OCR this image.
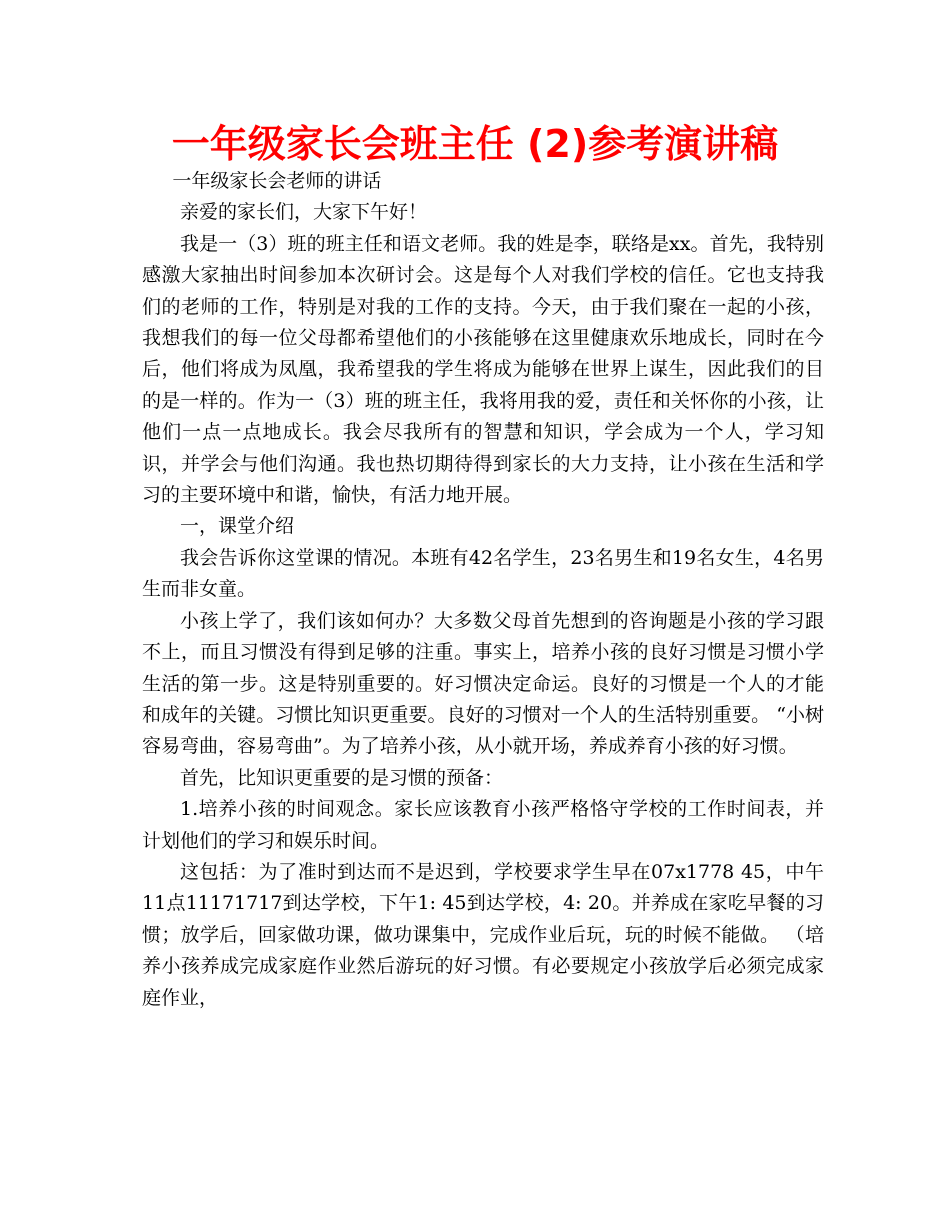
一年级家长会班主任 (2)参考演讲稿

一年级家长会老师的讲话

亲爱的家长们，大家下午好！

我是一（3）班的班主任和语文老师。我的姓是李，联络是xx。首先，我特别感激大家抽出时间参加本次研讨会。这是每个人对我们学校的信任。它也支持我们的老师的工作，特别是对我的工作的支持。今天，由于我们聚在一起的小孩，我想我们的每一位父母都希望他们的小孩能够在这里健康欢乐地成长，同时在今后，他们将成为凤凰，我希望我的学生将成为能够在世界上谋生，因此我们的目的是一样的。作为一（3）班的班主任，我将用我的爱，责任和关怀你的小孩，让他们一点一点地成长。我会尽我所有的智慧和知识，学会成为一个人，学习知识，并学会与他们沟通。我也热切期待得到家长的大力支持，让小孩在生活和学习的主要环境中和谐，愉快，有活力地开展。

一，课堂介绍

我会告诉你这堂课的情况。本班有42名学生，23名男生和19名女生，4名男生而非女童。

小孩上学了，我们该如何办？大多数父母首先想到的咨询题是小孩的学习跟不上，而且习惯没有得到足够的注重。事实上，培养小孩的良好习惯是习惯小学生活的第一步。这是特别重要的。好习惯决定命运。良好的习惯是一个人的才能和成年的关键。习惯比知识更重要。良好的习惯对一个人的生活特别重要。 “小树容易弯曲，容易弯曲”。为了培养小孩，从小就开场，养成养育小孩的好习惯。

首先，比知识更重要的是习惯的预备：

1.培养小孩的时间观念。家长应该教育小孩严格恪守学校的工作时间表，并计划他们的学习和娱乐时间。

这包括：为了准时到达而不是迟到，学校要求学生早在07x1778 45，中午11点11171717到达学校，下午1: 45到达学校，4: 20。并养成在家吃早餐的习惯；放学后，回家做功课，做功课集中，完成作业后玩，玩的时候不能做。 （培养小孩养成完成家庭作业然后游玩的好习惯。有必要规定小孩放学后必须完成家庭作业，
